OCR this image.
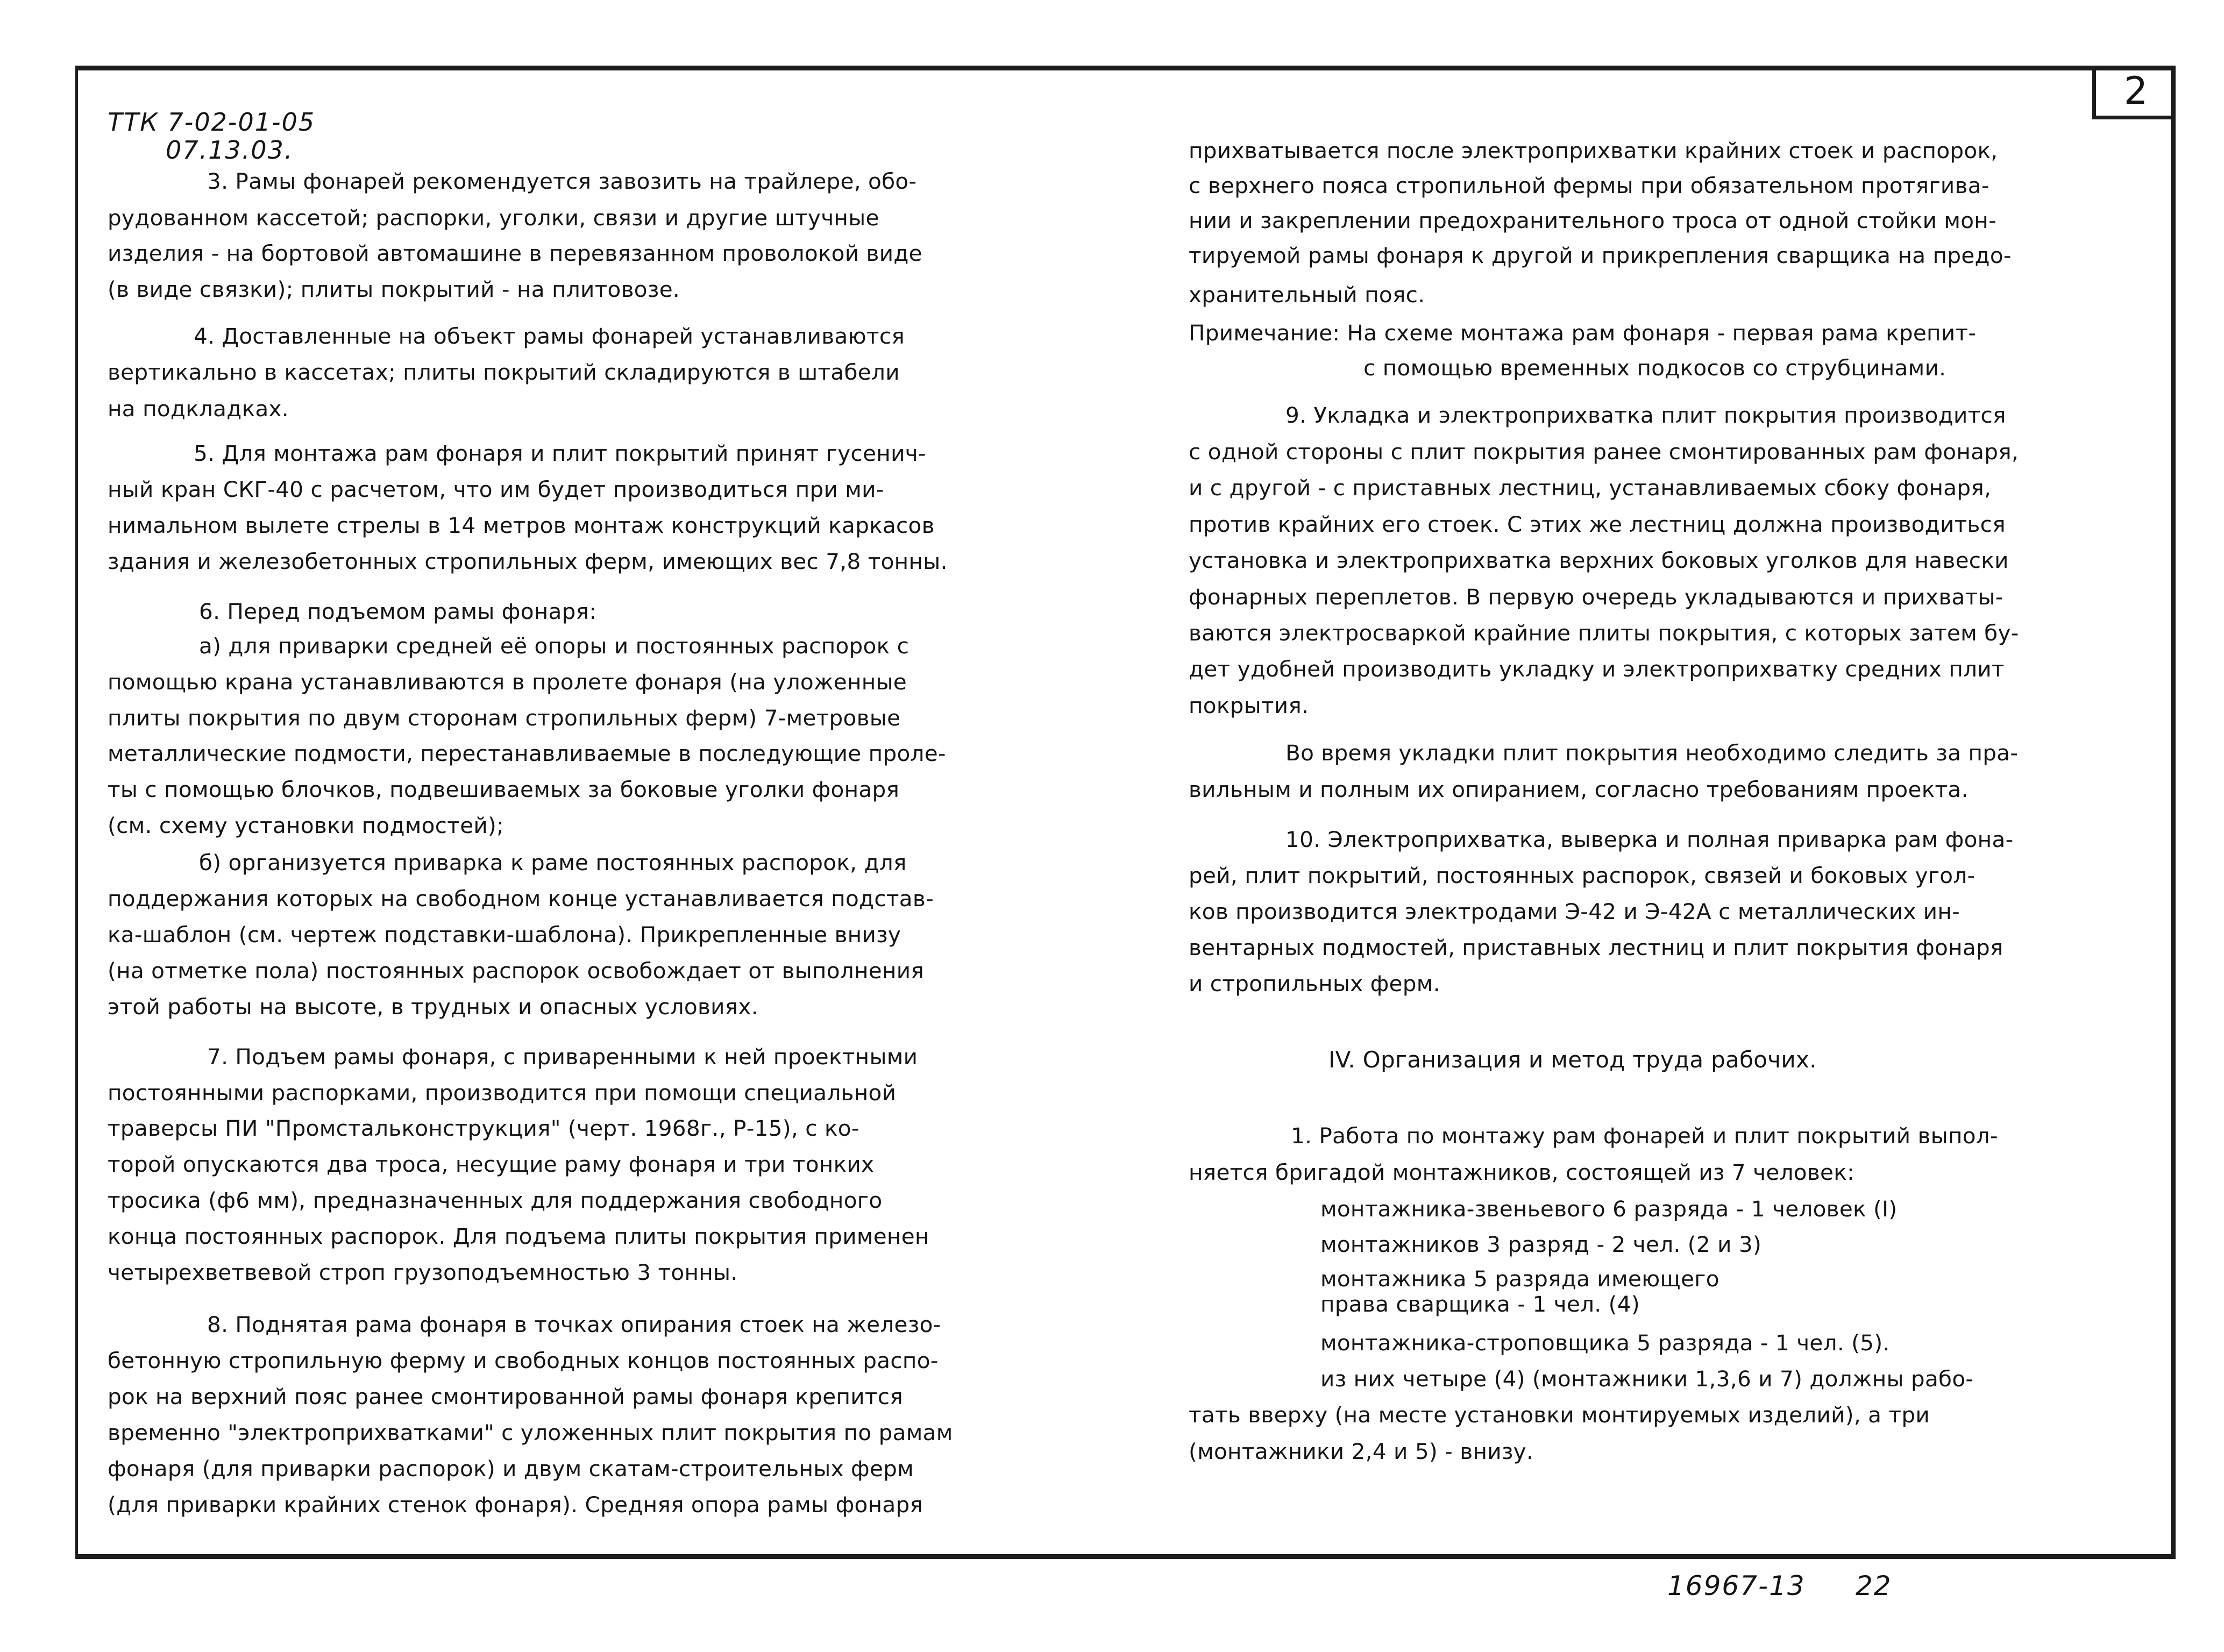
2
ТТК 7-02-01-05
07.13.03.

3. Рамы фонарей рекомендуется завозить на трайлере, обо-

рудованном кассетой; распорки, уголки, связи и другие штучные

изделия - на бортовой автомашине в перевязанном проволокой виде

(в виде связки); плиты покрытий - на плитовозе.

4. Доставленные на объект рамы фонарей устанавливаются

вертикально в кассетах; плиты покрытий складируются в штабели

на подкладках.

5. Для монтажа рам фонаря и плит покрытий принят гусенич-

ный кран СКГ-40 с расчетом, что им будет производиться при ми-

нимальном вылете стрелы в 14 метров монтаж конструкций каркасов

здания и железобетонных стропильных ферм, имеющих вес 7,8 тонны.

6. Перед подъемом рамы фонаря:

а) для приварки средней её опоры и постоянных распорок с

помощью крана устанавливаются в пролете фонаря (на уложенные

плиты покрытия по двум сторонам стропильных ферм) 7-метровые

металлические подмости, перестанавливаемые в последующие проле-

ты с помощью блочков, подвешиваемых за боковые уголки фонаря

(см. схему установки подмостей);

б) организуется приварка к раме постоянных распорок, для

поддержания которых на свободном конце устанавливается подстав-

ка-шаблон (см. чертеж подставки-шаблона). Прикрепленные внизу

(на отметке пола) постоянных распорок освобождает от выполнения

этой работы на высоте, в трудных и опасных условиях.

7. Подъем рамы фонаря, с приваренными к ней проектными

постоянными распорками, производится при помощи специальной

траверсы ПИ "Промстальконструкция" (черт. 1968г., Р-15), с ко-

торой опускаются два троса, несущие раму фонаря и три тонких

тросика (ф6 мм), предназначенных для поддержания свободного

конца постоянных распорок. Для подъема плиты покрытия применен

четырехветвевой строп грузоподъемностью 3 тонны.

8. Поднятая рама фонаря в точках опирания стоек на железо-

бетонную стропильную ферму и свободных концов постоянных распо-

рок на верхний пояс ранее смонтированной рамы фонаря крепится

временно "электроприхватками" с уложенных плит покрытия по рамам

фонаря (для приварки распорок) и двум скатам-строительных ферм

(для приварки крайних стенок фонаря). Средняя опора рамы фонаря

прихватывается после электроприхватки крайних стоек и распорок,

с верхнего пояса стропильной фермы при обязательном протягива-

нии и закреплении предохранительного троса от одной стойки мон-

тируемой рамы фонаря к другой и прикрепления сварщика на предо-

хранительный пояс.

Примечание: На схеме монтажа рам фонаря - первая рама крепит-

с помощью временных подкосов со струбцинами.

9. Укладка и электроприхватка плит покрытия производится

с одной стороны с плит покрытия ранее смонтированных рам фонаря,

и с другой - с приставных лестниц, устанавливаемых сбоку фонаря,

против крайних его стоек. С этих же лестниц должна производиться

установка и электроприхватка верхних боковых уголков для навески

фонарных переплетов. В первую очередь укладываются и прихваты-

ваются электросваркой крайние плиты покрытия, с которых затем бу-

дет удобней производить укладку и электроприхватку средних плит

покрытия.

Во время укладки плит покрытия необходимо следить за пра-

вильным и полным их опиранием, согласно требованиям проекта.

10. Электроприхватка, выверка и полная приварка рам фона-

рей, плит покрытий, постоянных распорок, связей и боковых угол-

ков производится электродами Э-42 и Э-42А с металлических ин-

вентарных подмостей, приставных лестниц и плит покрытия фонаря

и стропильных ферм.

IV. Организация и метод труда рабочих.

1. Работа по монтажу рам фонарей и плит покрытий выпол-

няется бригадой монтажников, состоящей из 7 человек:

монтажника-звеньевого 6 разряда - 1 человек (I)

монтажников 3 разряд - 2 чел. (2 и 3)

монтажника 5 разряда имеющего

права сварщика - 1 чел. (4)

монтажника-строповщика 5 разряда - 1 чел. (5).

из них четыре (4) (монтажники 1,3,6 и 7) должны рабо-

тать вверху (на месте установки монтируемых изделий), а три

(монтажники 2,4 и 5) - внизу.

16967-13 22
